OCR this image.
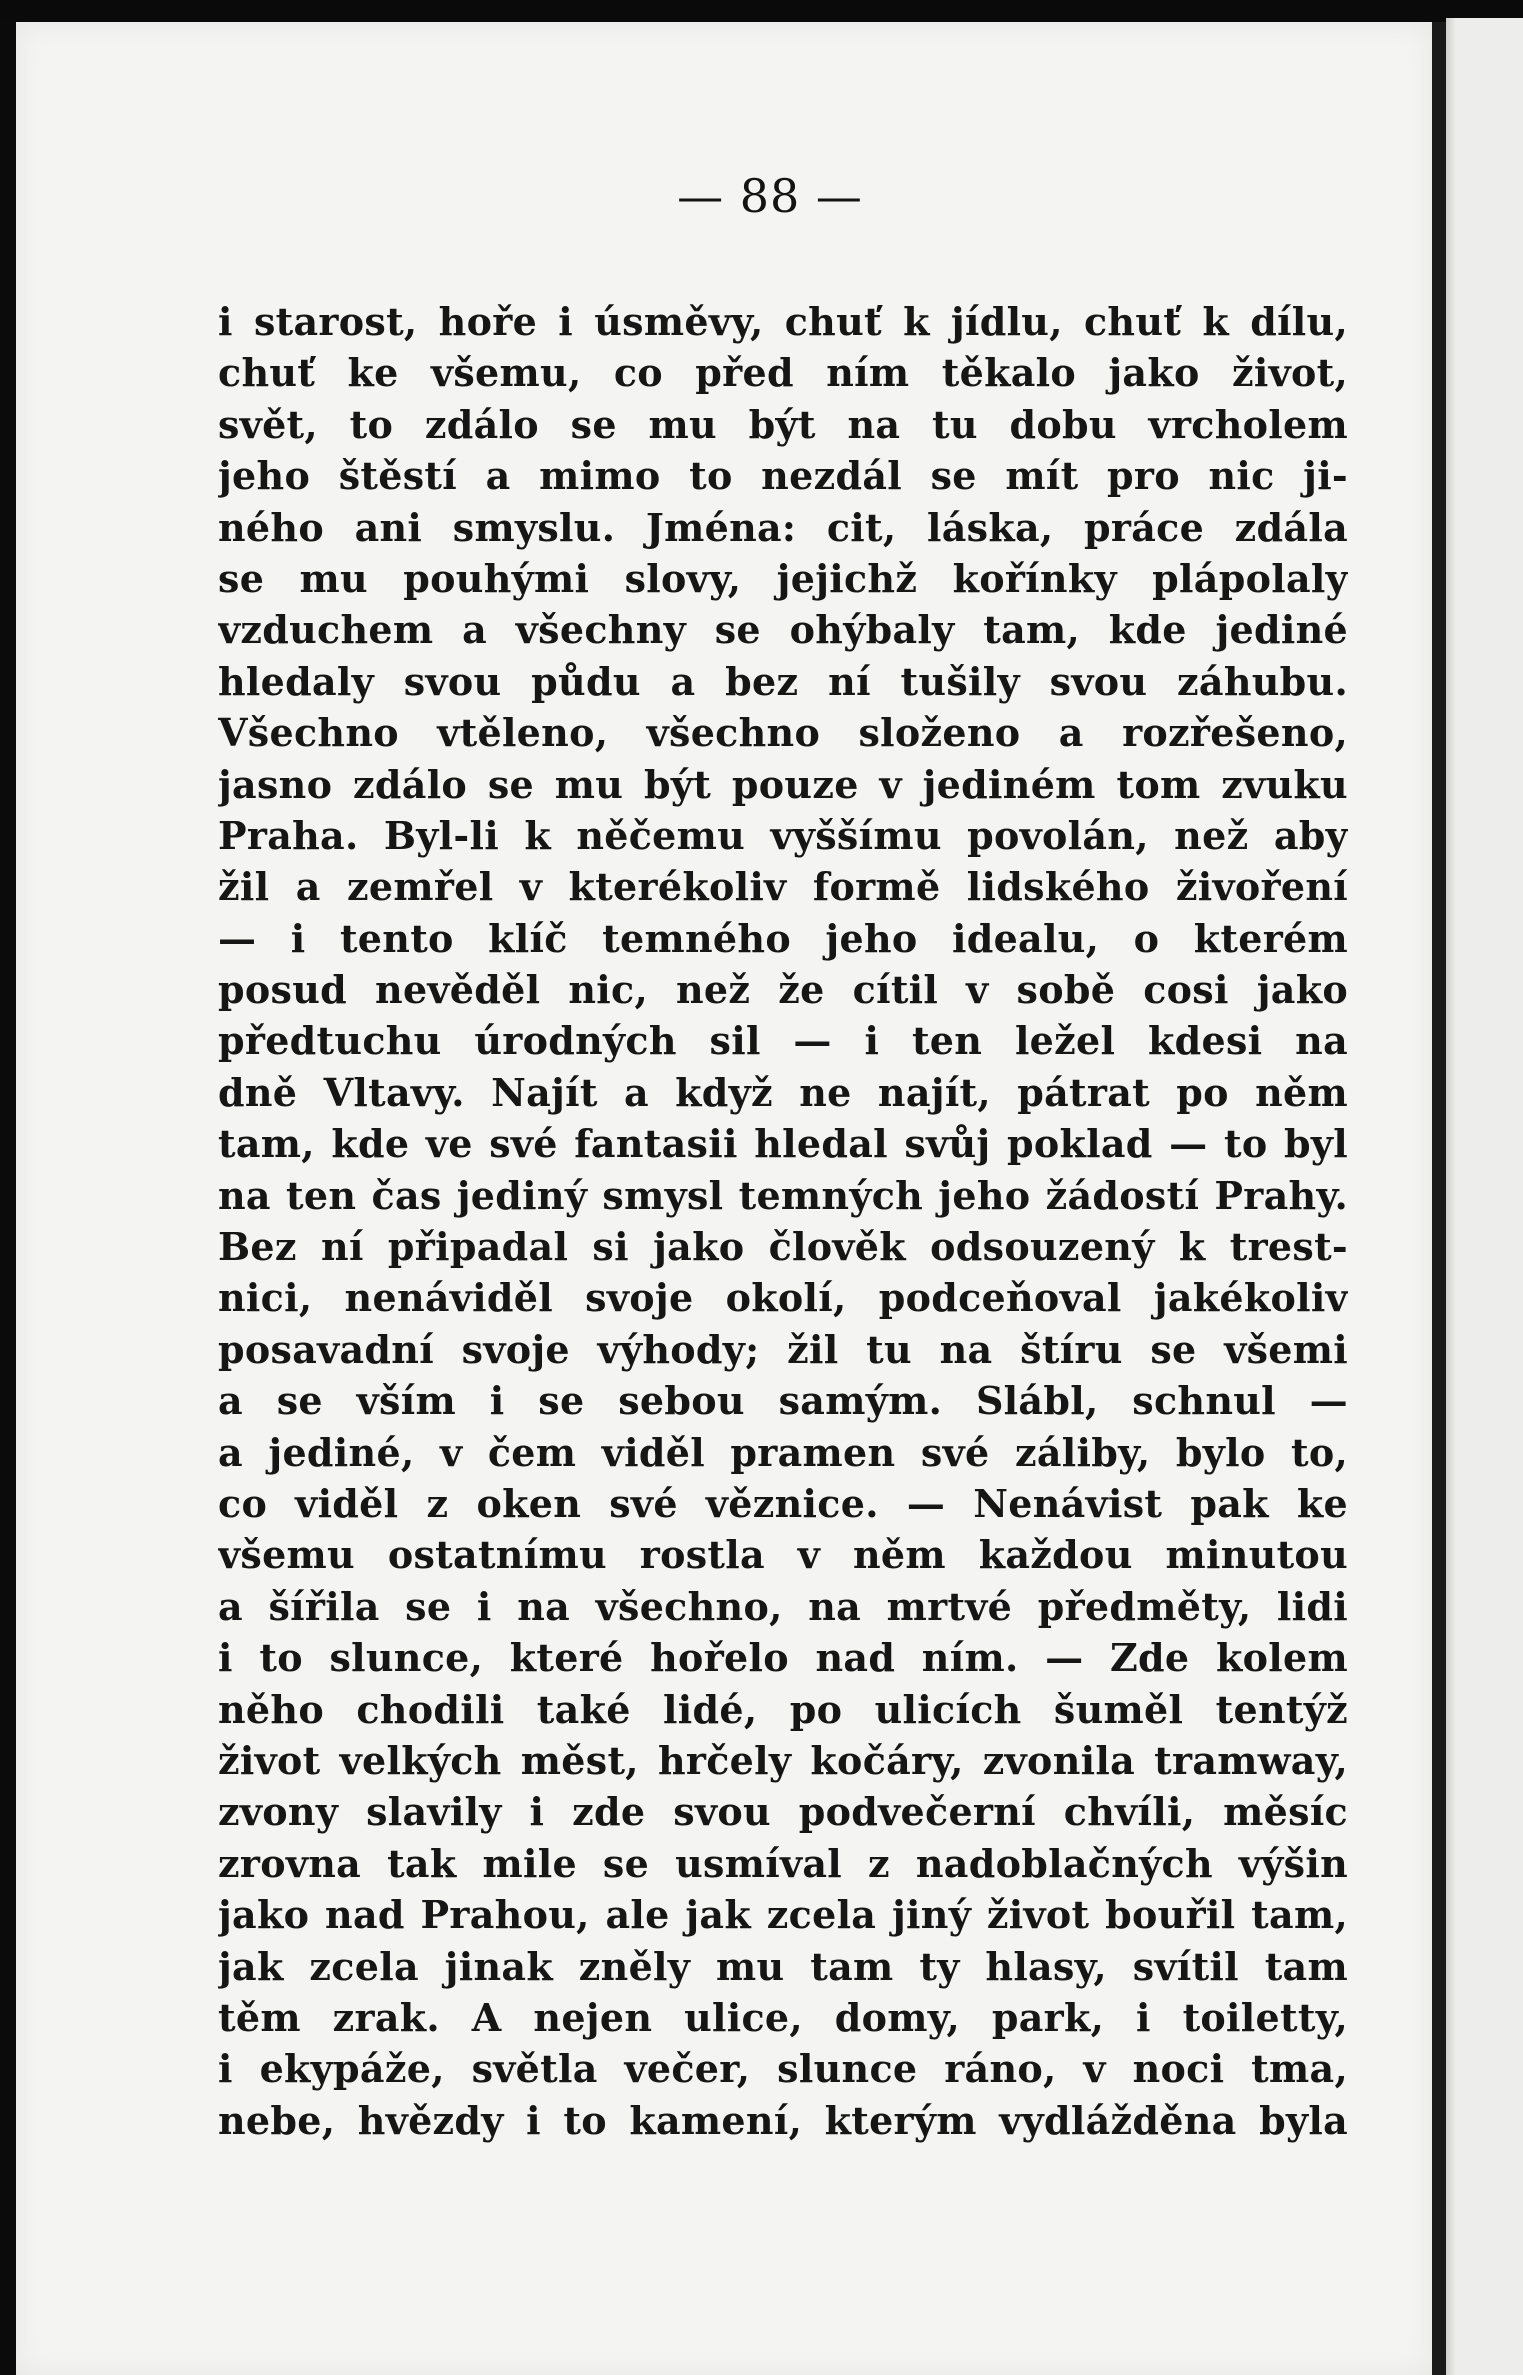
— 88 —
i starost, hoře i úsměvy, chuť k jídlu, chuť k dílu,
chuť ke všemu, co před ním těkalo jako život,
svět, to zdálo se mu být na tu dobu vrcholem
jeho štěstí a mimo to nezdál se mít pro nic ji-
ného ani smyslu. Jména: cit, láska, práce zdála
se mu pouhými slovy, jejichž kořínky plápolaly
vzduchem a všechny se ohýbaly tam, kde jediné
hledaly svou půdu a bez ní tušily svou záhubu.
Všechno vtěleno, všechno složeno a rozřešeno,
jasno zdálo se mu být pouze v jediném tom zvuku
Praha. Byl-li k něčemu vyššímu povolán, než aby
žil a zemřel v kterékoliv formě lidského živoření
— i tento klíč temného jeho idealu, o kterém
posud nevěděl nic, než že cítil v sobě cosi jako
předtuchu úrodných sil — i ten ležel kdesi na
dně Vltavy. Najít a když ne najít, pátrat po něm
tam, kde ve své fantasii hledal svůj poklad — to byl
na ten čas jediný smysl temných jeho žádostí Prahy.
Bez ní připadal si jako člověk odsouzený k trest-
nici, nenáviděl svoje okolí, podceňoval jakékoliv
posavadní svoje výhody; žil tu na štíru se všemi
a se vším i se sebou samým. Slábl, schnul —
a jediné, v čem viděl pramen své záliby, bylo to,
co viděl z oken své věznice. — Nenávist pak ke
všemu ostatnímu rostla v něm každou minutou
a šířila se i na všechno, na mrtvé předměty, lidi
i to slunce, které hořelo nad ním. — Zde kolem
něho chodili také lidé, po ulicích šuměl tentýž
život velkých měst, hrčely kočáry, zvonila tramway,
zvony slavily i zde svou podvečerní chvíli, měsíc
zrovna tak mile se usmíval z nadoblačných výšin
jako nad Prahou, ale jak zcela jiný život bouřil tam,
jak zcela jinak zněly mu tam ty hlasy, svítil tam
těm zrak. A nejen ulice, domy, park, i toiletty,
i ekypáže, světla večer, slunce ráno, v noci tma,
nebe, hvězdy i to kamení, kterým vydlážděna byla
